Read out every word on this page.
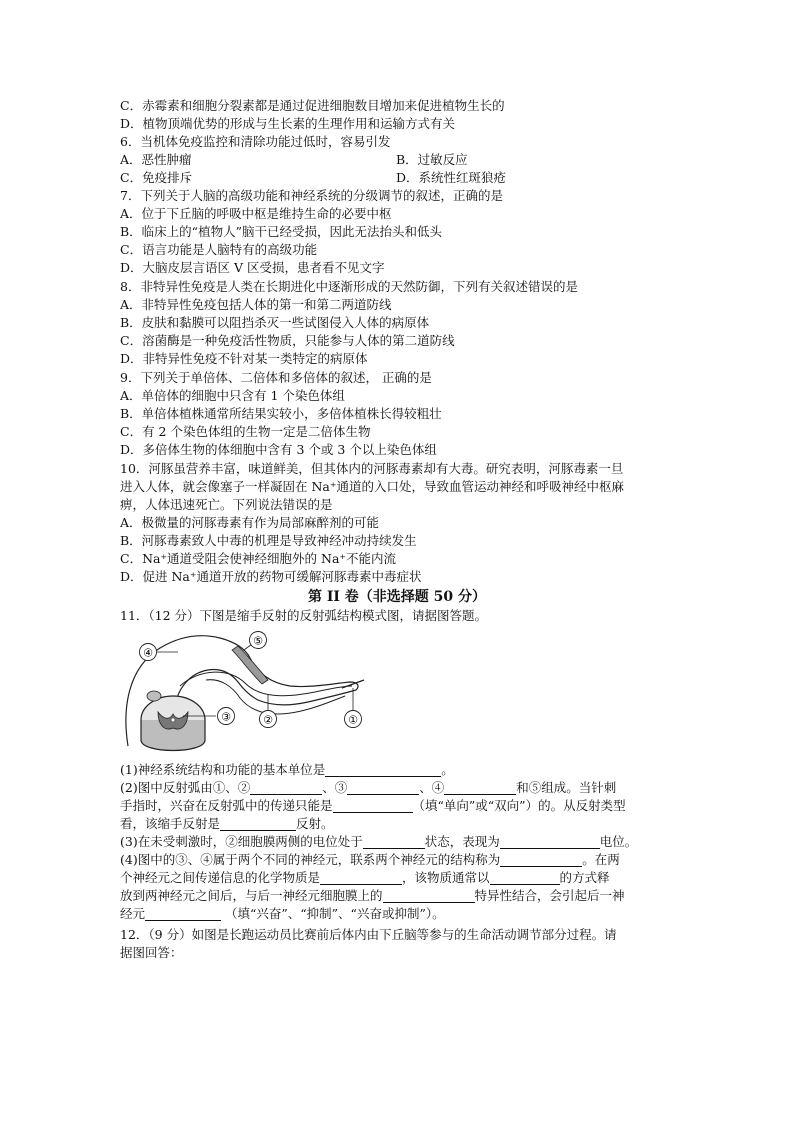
C．赤霉素和细胞分裂素都是通过促进细胞数目增加来促进植物生长的
D．植物顶端优势的形成与生长素的生理作用和运输方式有关
6．当机体免疫监控和清除功能过低时，容易引发
A．恶性肿瘤	B．过敏反应
C．免疫排斥	D．系统性红斑狼疮
7．下列关于人脑的高级功能和神经系统的分级调节的叙述，正确的是
A．位于下丘脑的呼吸中枢是维持生命的必要中枢
B．临床上的“植物人”脑干已经受损，因此无法抬头和低头
C．语言功能是人脑特有的高级功能
D．大脑皮层言语区 V 区受损，患者看不见文字
8．非特异性免疫是人类在长期进化中逐渐形成的天然防御，下列有关叙述错误的是
A．非特异性免疫包括人体的第一和第二两道防线
B．皮肤和黏膜可以阻挡杀灭一些试图侵入人体的病原体
C．溶菌酶是一种免疫活性物质，只能参与人体的第二道防线
D．非特异性免疫不针对某一类特定的病原体
9．下列关于单倍体、二倍体和多倍体的叙述， 正确的是
A．单倍体的细胞中只含有 1 个染色体组
B．单倍体植株通常所结果实较小，多倍体植株长得较粗壮
C．有 2 个染色体组的生物一定是二倍体生物
D．多倍体生物的体细胞中含有 3 个或 3 个以上染色体组
10．河豚虽营养丰富，味道鲜美，但其体内的河豚毒素却有大毒。研究表明，河豚毒素一旦
进入人体，就会像塞子一样凝固在 Na⁺通道的入口处，导致血管运动神经和呼吸神经中枢麻
痹，人体迅速死亡。下列说法错误的是
A．极微量的河豚毒素有作为局部麻醉剂的可能
B．河豚毒素致人中毒的机理是导致神经冲动持续发生
C．Na⁺通道受阻会使神经细胞外的 Na⁺不能内流
D．促进 Na⁺通道开放的药物可缓解河豚毒素中毒症状
第 II 卷（非选择题 50 分）
11．（12 分）下图是缩手反射的反射弧结构模式图，请据图答题。
④
⑤
③	②	①
(1)神经系统结构和功能的基本单位是	。
(2)图中反射弧由①、②	、③	、④	和⑤组成。当针刺
手指时，兴奋在反射弧中的传递只能是	（填“单向”或“双向”）的。从反射类型
看，该缩手反射是	反射。
(3)在未受刺激时，②细胞膜两侧的电位处于	状态，表现为	电位。
(4)图中的③、④属于两个不同的神经元，联系两个神经元的结构称为	。在两
个神经元之间传递信息的化学物质是	，该物质通常以	的方式释
放到两神经元之间后，与后一神经元细胞膜上的	特异性结合，会引起后一神
经元	（填“兴奋”、“抑制”、“兴奋或抑制”）。
12．（9 分）如图是长跑运动员比赛前后体内由下丘脑等参与的生命活动调节部分过程。请
据图回答：
